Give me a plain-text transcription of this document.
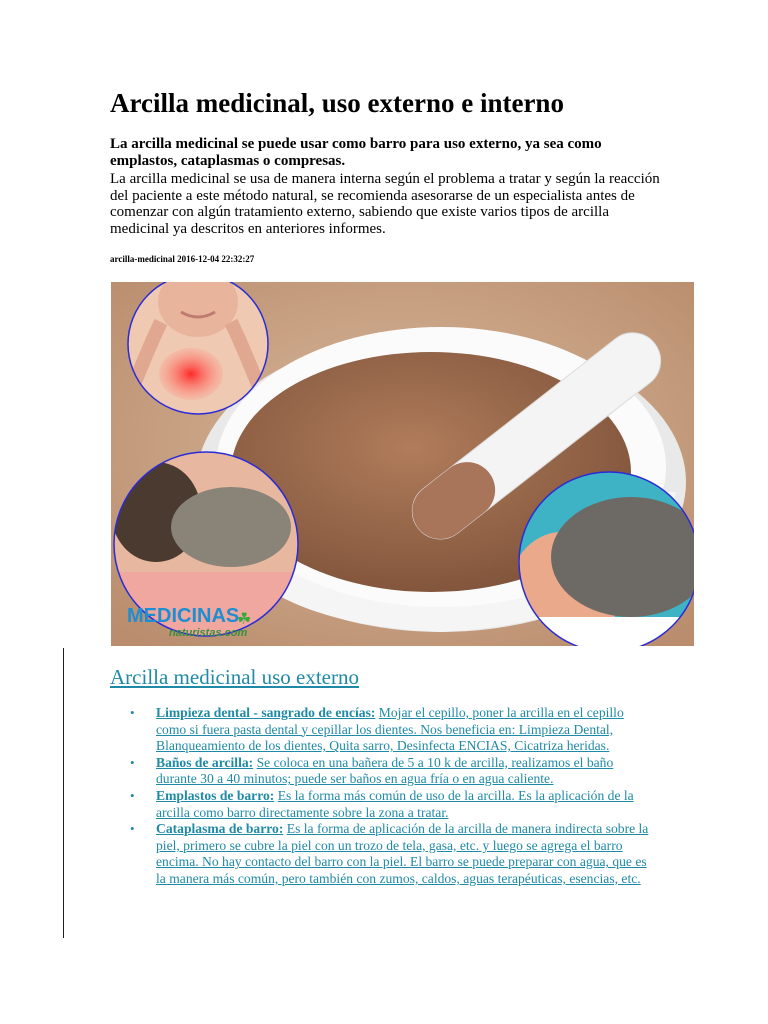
Arcilla medicinal, uso externo e interno

La arcilla medicinal se puede usar como barro para uso externo, ya sea como emplastos, cataplasmas o compresas.

La arcilla medicinal se usa de manera interna según el problema a tratar y según la reacción del paciente a este método natural, se recomienda asesorarse de un especialista antes de comenzar con algún tratamiento externo, sabiendo que existe varios tipos de arcilla medicinal ya descritos en anteriores informes.

arcilla-medicinal 2016-12-04 22:32:27

MEDICINAS
naturistas.com
☘
Arcilla medicinal uso externo
• Limpieza dental - sangrado de encías: Mojar el cepillo, poner la arcilla en el cepillo como si fuera pasta dental y cepillar los dientes. Nos beneficia en: Limpieza Dental, Blanqueamiento de los dientes, Quita sarro, Desinfecta ENCIAS, Cicatriza heridas.
• Baños de arcilla: Se coloca en una bañera de 5 a 10 k de arcilla, realizamos el baño durante 30 a 40 minutos; puede ser baños en agua fría o en agua caliente.
• Emplastos de barro: Es la forma más común de uso de la arcilla. Es la aplicación de la arcilla como barro directamente sobre la zona a tratar.
• Cataplasma de barro: Es la forma de aplicación de la arcilla de manera indirecta sobre la piel, primero se cubre la piel con un trozo de tela, gasa, etc. y luego se agrega el barro encima. No hay contacto del barro con la piel. El barro se puede preparar con agua, que es la manera más común, pero también con zumos, caldos, aguas terapéuticas, esencias, etc.
